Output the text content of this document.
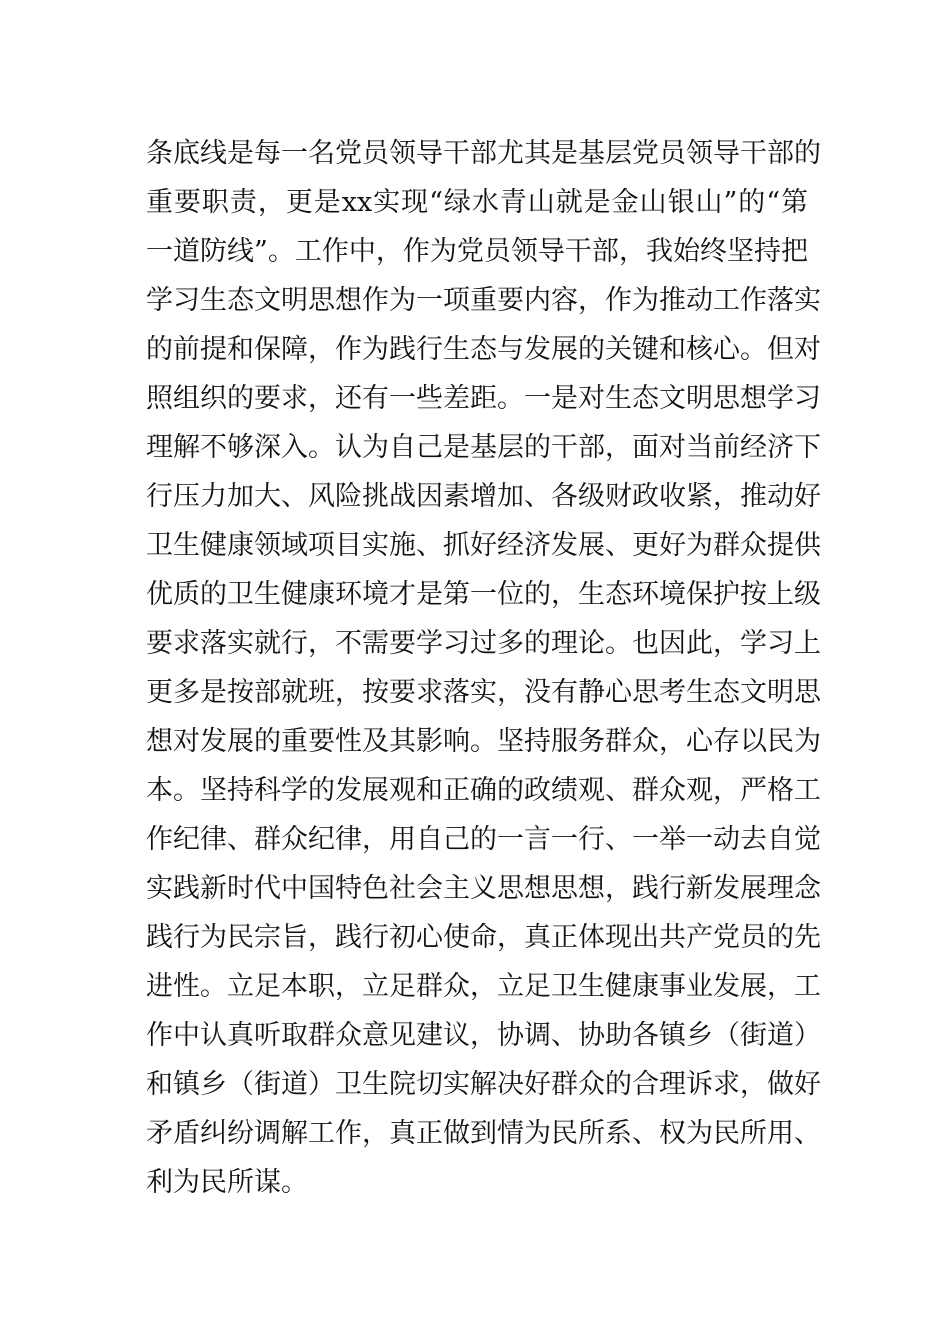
条底线是每一名党员领导干部尤其是基层党员领导干部的
重要职责，更是xx实现“绿水青山就是金山银山”的“第
一道防线”。工作中，作为党员领导干部，我始终坚持把
学习生态文明思想作为一项重要内容，作为推动工作落实
的前提和保障，作为践行生态与发展的关键和核心。但对
照组织的要求，还有一些差距。一是对生态文明思想学习
理解不够深入。认为自己是基层的干部，面对当前经济下
行压力加大、风险挑战因素增加、各级财政收紧，推动好
卫生健康领域项目实施、抓好经济发展、更好为群众提供
优质的卫生健康环境才是第一位的，生态环境保护按上级
要求落实就行，不需要学习过多的理论。也因此，学习上
更多是按部就班，按要求落实，没有静心思考生态文明思
想对发展的重要性及其影响。坚持服务群众，心存以民为
本。坚持科学的发展观和正确的政绩观、群众观，严格工
作纪律、群众纪律，用自己的一言一行、一举一动去自觉
实践新时代中国特色社会主义思想思想，践行新发展理念
践行为民宗旨，践行初心使命，真正体现出共产党员的先
进性。立足本职，立足群众，立足卫生健康事业发展，工
作中认真听取群众意见建议，协调、协助各镇乡（街道）
和镇乡（街道）卫生院切实解决好群众的合理诉求，做好
矛盾纠纷调解工作，真正做到情为民所系、权为民所用、
利为民所谋。
